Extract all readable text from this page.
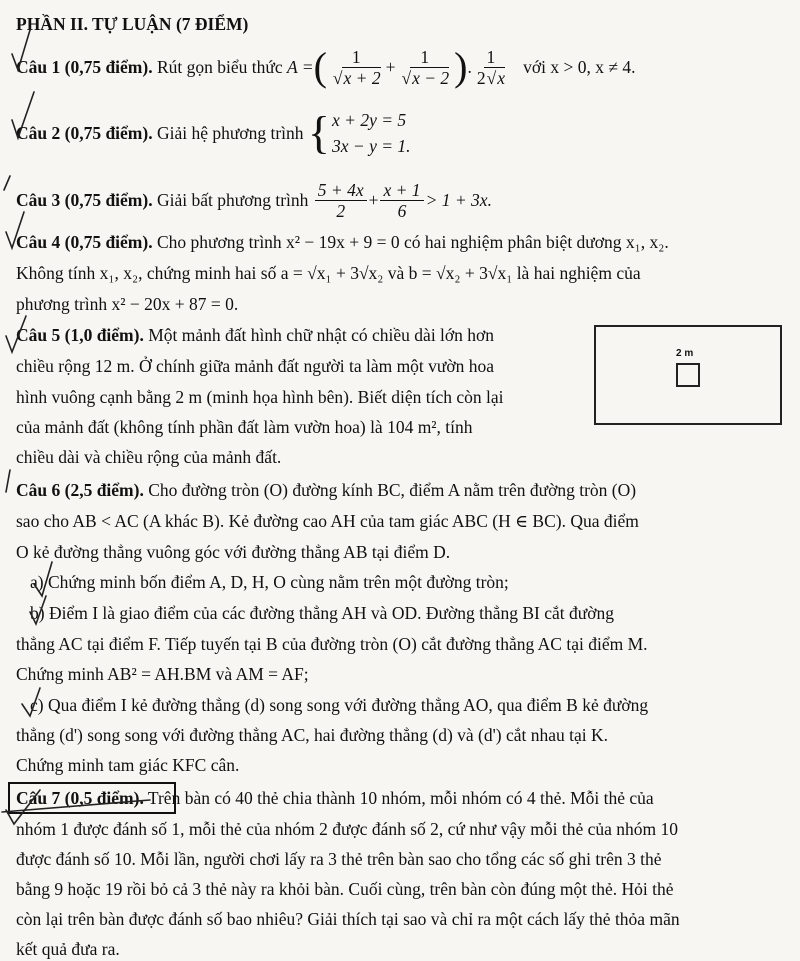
PHẦN II. TỰ LUẬN (7 ĐIỂM)
Câu 1 (0,75 điểm).
Rút gọn biểu thức
A = ( 1
√ x + 2 + 1
√ x − 2 ) . $\frac{1}{2√ x}$
với x > 0, x ≠ 4.
Câu 2 (0,75 điểm).
Giải hệ phương trình
{ x + 2y = 5
3x − y = 1.
Câu 3 (0,75 điểm).
Giải bất phương trình
$\frac{5 + 4x}{2} + \frac{x + 1}{6} > 1 + 3x$.
Câu 4 (0,75 điểm). Cho phương trình x² − 19x + 9 = 0 có hai nghiệm phân biệt dương x₁, x₂.
Không tính x₁, x₂, chứng minh hai số a = √x₁ + 3√x₂ và b = √x₂ + 3√x₁ là hai nghiệm của
phương trình x² − 20x + 87 = 0.
Câu 5 (1,0 điểm). Một mảnh đất hình chữ nhật có chiều dài lớn hơn
chiều rộng 12 m. Ở chính giữa mảnh đất người ta làm một vườn hoa
hình vuông cạnh bằng 2 m (minh họa hình bên). Biết diện tích còn lại
của mảnh đất (không tính phần đất làm vườn hoa) là 104 m², tính
chiều dài và chiều rộng của mảnh đất.
2 m
Câu 6 (2,5 điểm). Cho đường tròn (O) đường kính BC, điểm A nằm trên đường tròn (O)
sao cho AB < AC (A khác B). Kẻ đường cao AH của tam giác ABC (H ∈ BC). Qua điểm
O kẻ đường thẳng vuông góc với đường thẳng AB tại điểm D.
a) Chứng minh bốn điểm A, D, H, O cùng nằm trên một đường tròn;
b) Điểm I là giao điểm của các đường thẳng AH và OD. Đường thẳng BI cắt đường
thẳng AC tại điểm F. Tiếp tuyến tại B của đường tròn (O) cắt đường thẳng AC tại điểm M.
Chứng minh AB² = AH.BM và AM = AF;
c) Qua điểm I kẻ đường thẳng (d) song song với đường thẳng AO, qua điểm B kẻ đường
thẳng (d') song song với đường thẳng AC, hai đường thẳng (d) và (d') cắt nhau tại K.
Chứng minh tam giác KFC cân.
Câu 7 (0,5 điểm). Trên bàn có 40 thẻ chia thành 10 nhóm, mỗi nhóm có 4 thẻ. Mỗi thẻ của
nhóm 1 được đánh số 1, mỗi thẻ của nhóm 2 được đánh số 2, cứ như vậy mỗi thẻ của nhóm 10
được đánh số 10. Mỗi lần, người chơi lấy ra 3 thẻ trên bàn sao cho tổng các số ghi trên 3 thẻ
bằng 9 hoặc 19 rồi bỏ cả 3 thẻ này ra khỏi bàn. Cuối cùng, trên bàn còn đúng một thẻ. Hỏi thẻ
còn lại trên bàn được đánh số bao nhiêu? Giải thích tại sao và chỉ ra một cách lấy thẻ thỏa mãn
kết quả đưa ra.
